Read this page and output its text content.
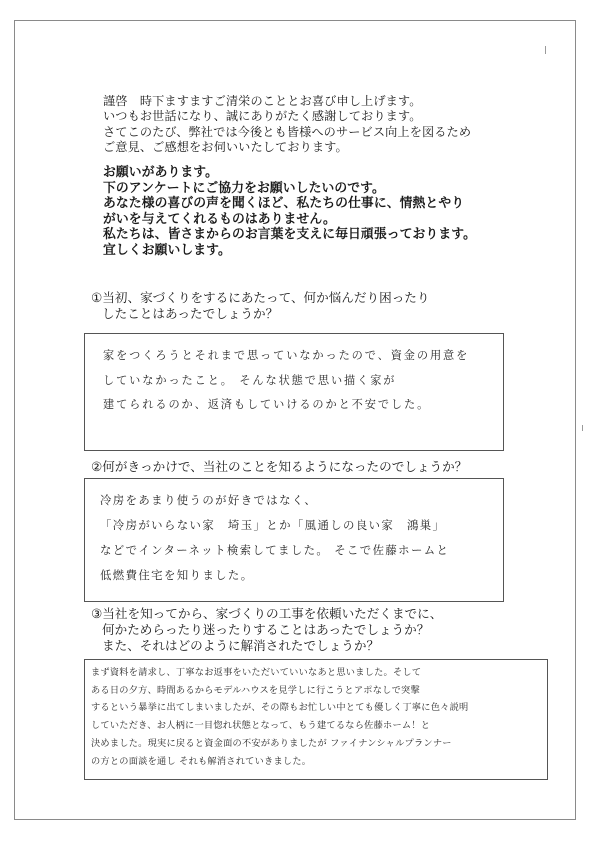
謹啓　時下ますますご清栄のこととお喜び申し上げます。
いつもお世話になり、誠にありがたく感謝しております。
さてこのたび、弊社では今後とも皆様へのサービス向上を図るため
ご意見、ご感想をお伺いいたしております。
お願いがあります。
下のアンケートにご協力をお願いしたいのです。
あなた様の喜びの声を聞くほど、私たちの仕事に、情熱とやり
がいを与えてくれるものはありません。
私たちは、皆さまからのお言葉を支えに毎日頑張っております。
宜しくお願いします。
①当初、家づくりをするにあたって、何か悩んだり困ったり
したことはあったでしょうか？
家をつくろうとそれまで思っていなかったので、資金の用意を
していなかったこと。 そんな状態で思い描く家が
建てられるのか、返済もしていけるのかと不安でした。
②何がきっかけで、当社のことを知るようになったのでしょうか？
冷房をあまり使うのが好きではなく、
「冷房がいらない家　埼玉」とか「風通しの良い家　鴻巣」
などでインターネット検索してました。 そこで佐藤ホームと
低燃費住宅を知りました。
③当社を知ってから、家づくりの工事を依頼いただくまでに、
何かためらったり迷ったりすることはあったでしょうか？
また、それはどのように解消されたでしょうか？
まず資料を請求し、丁寧なお返事をいただいていいなあと思いました。そして
ある日の夕方、時間あるからモデルハウスを見学しに行こうとアポなしで突撃
するという暴挙に出てしまいましたが、その際もお忙しい中とても優しく丁寧に色々説明
していただき、お人柄に一目惚れ状態となって、もう建てるなら佐藤ホーム！と
決めました。現実に戻ると資金面の不安がありましたが ファイナンシャルプランナー
の方との面談を通し それも解消されていきました。
